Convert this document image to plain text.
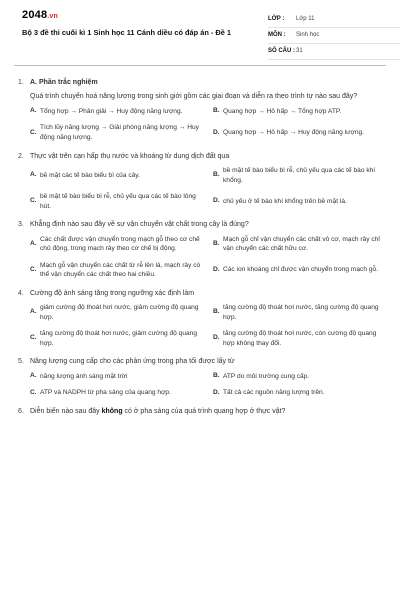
2048.vn
Bộ 3 đề thi cuối kì 1 Sinh học 11 Cánh diều có đáp án - Đề 1
LỚP :	Lớp 11
MÔN :	Sinh học
SỐ CÂU : 31
1. A. Phần trắc nghiệm
Quá trình chuyển hoá năng lượng trong sinh giới gồm các giai đoạn và diễn ra theo trình tự nào sau đây?
A. Tổng hợp → Phân giải → Huy động năng lượng.	B. Quang hợp → Hô hấp → Tổng hợp ATP.
C.
Tích lũy năng lượng → Giải phóng năng lượng → Huy động năng lượng.
D. Quang hợp → Hô hấp → Huy động năng lượng.
2. Thực vật trên cạn hấp thụ nước và khoáng từ dung dịch đất qua
A. bề mặt các tế bào biểu bì của cây.	B.
bề mặt tế bào biểu bì rễ, chủ yếu qua các tế bào khí khổng.
C.
bề mặt tế bào biểu bì rễ, chủ yếu qua các tế bào lông hút.
D. chủ yếu ở tế bào khí khổng trên bề mặt lá.
3. Khẳng định nào sau đây về sự vận chuyển vật chất trong cây là đúng?
A.
Các chất được vận chuyển trong mạch gỗ theo cơ chế chủ động, trong mạch rây theo cơ chế bị động.
B.
Mạch gỗ chỉ vận chuyển các chất vô cơ, mạch rây chỉ vận chuyển các chất hữu cơ.
C.
Mạch gỗ vận chuyển các chất từ rễ lên lá, mạch rây có thể vận chuyển các chất theo hai chiều.
D. Các ion khoáng chỉ được vận chuyển trong mạch gỗ.
4. Cường độ ánh sáng tăng trong ngưỡng xác định làm
A.
giảm cường độ thoát hơi nước, giảm cường độ quang hợp.
B.
tăng cường độ thoát hơi nước, tăng cường độ quang hợp.
C.
tăng cường độ thoát hơi nước, giảm cường độ quang hợp.
D.
tăng cường độ thoát hơi nước, còn cường độ quang hợp không thay đổi.
5. Năng lượng cung cấp cho các phản ứng trong pha tối được lấy từ
A. năng lượng ánh sáng mặt trời	B. ATP do môi trường cung cấp.
C. ATP và NADPH từ pha sáng của quang hợp.	D. Tất cả các nguồn năng lượng trên.
6. Diễn biến nào sau đây không có ở pha sáng của quá trình quang hợp ở thực vật?
